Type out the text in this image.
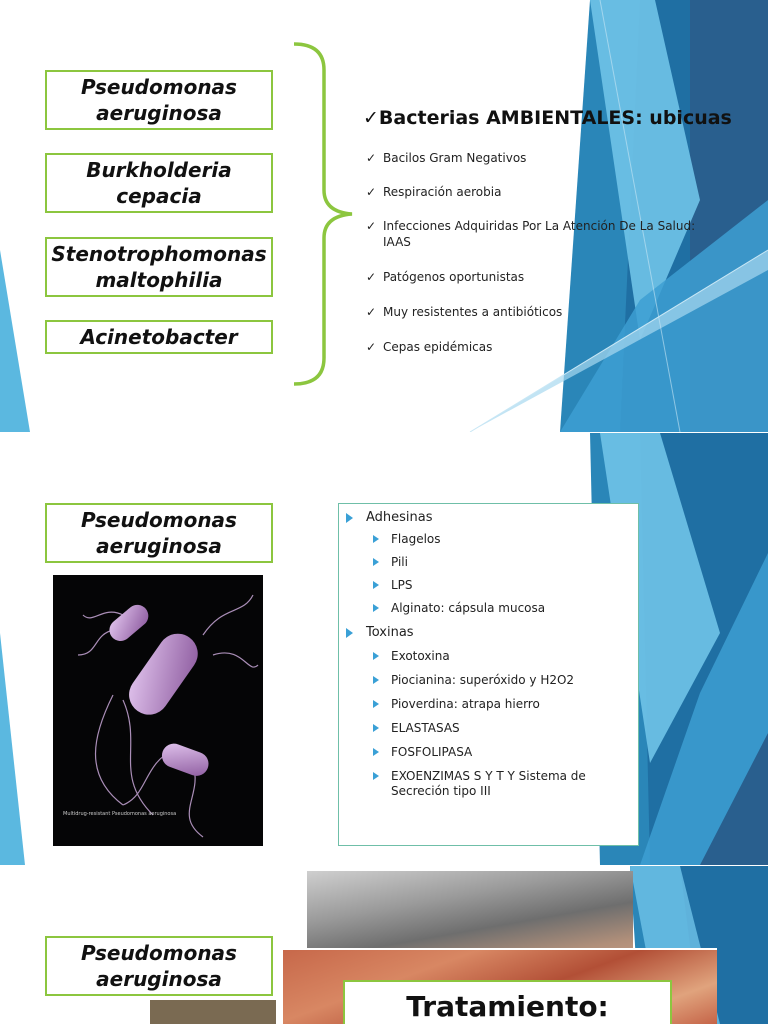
Pseudomonas aeruginosa
Burkholderia cepacia
Stenotrophomonas maltophilia
Acinetobacter
✓Bacterias AMBIENTALES: ubicuas
✓ Bacilos Gram Negativos
✓ Respiración aerobia
✓ Infecciones Adquiridas Por La Atención De La Salud: IAAS
✓ Patógenos oportunistas
✓ Muy resistentes a antibióticos
✓ Cepas epidémicas
Pseudomonas aeruginosa
Multidrug-resistant Pseudomonas aeruginosa
Adhesinas
Flagelos
Pili
LPS
Alginato: cápsula mucosa
Toxinas
Exotoxina
Piocianina: superóxido y H2O2
Pioverdina: atrapa hierro
ELASTASAS
FOSFOLIPASA
EXOENZIMAS S Y T Y Sistema de Secreción tipo III
Pseudomonas aeruginosa
Tratamiento:
